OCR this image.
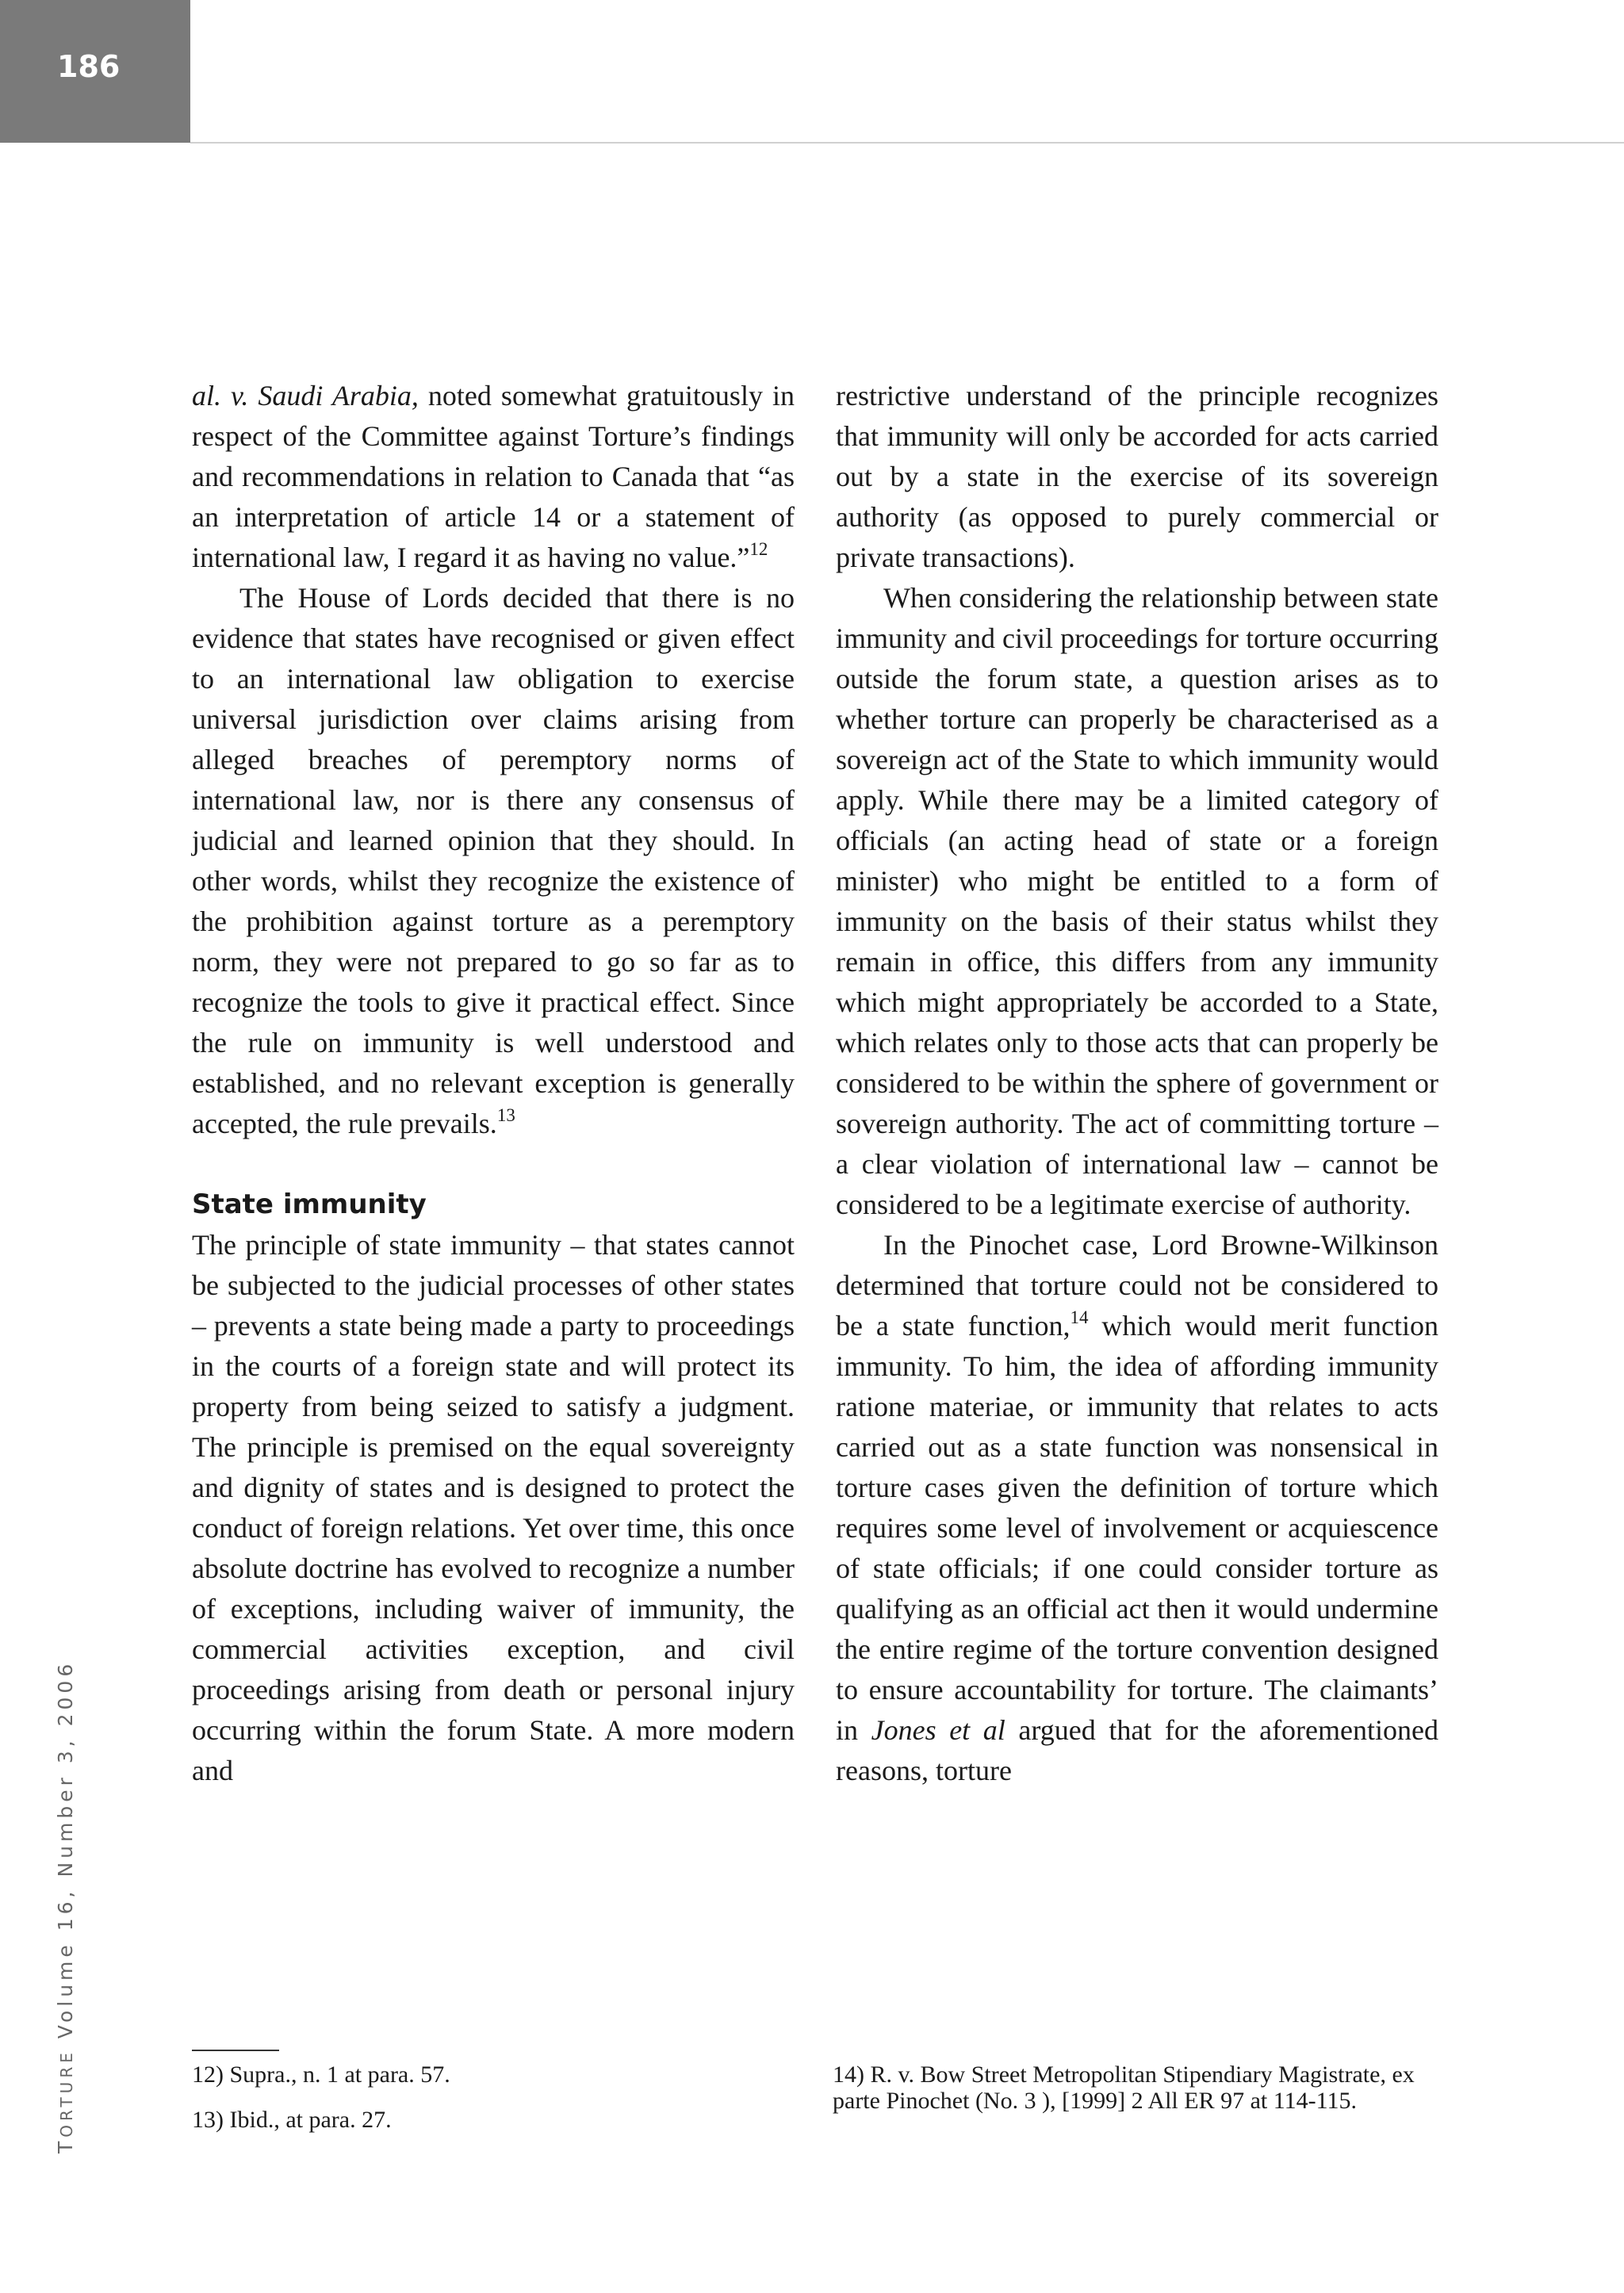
186
TORTURE Volume 16, Number 3, 2006

al. v. Saudi Arabia, noted somewhat gratuitously in respect of the Committee against Torture’s findings and recommendations in relation to Canada that “as an interpretation of article 14 or a statement of international law, I regard it as having no value.”$^{12}$

The House of Lords decided that there is no evidence that states have recognised or given effect to an international law obligation to exercise universal jurisdiction over claims arising from alleged breaches of peremptory norms of international law, nor is there any consensus of judicial and learned opinion that they should. In other words, whilst they recognize the existence of the prohibition against torture as a peremptory norm, they were not prepared to go so far as to recognize the tools to give it practical effect. Since the rule on immunity is well understood and established, and no relevant exception is generally accepted, the rule prevails.$^{13}$

State immunity

The principle of state immunity – that states cannot be subjected to the judicial processes of other states – prevents a state being made a party to proceedings in the courts of a foreign state and will protect its property from being seized to satisfy a judgment. The principle is premised on the equal sovereignty and dignity of states and is designed to protect the conduct of foreign relations. Yet over time, this once absolute doctrine has evolved to recognize a number of exceptions, including waiver of immunity, the commercial activities exception, and civil proceedings arising from death or personal injury occurring within the forum State. A more modern and

restrictive understand of the principle recognizes that immunity will only be accorded for acts carried out by a state in the exercise of its sovereign authority (as opposed to purely commercial or private transactions).

When considering the relationship between state immunity and civil proceedings for torture occurring outside the forum state, a question arises as to whether torture can properly be characterised as a sovereign act of the State to which immunity would apply. While there may be a limited category of officials (an acting head of state or a foreign minister) who might be entitled to a form of immunity on the basis of their status whilst they remain in office, this differs from any immunity which might appropriately be accorded to a State, which relates only to those acts that can properly be considered to be within the sphere of government or sovereign authority. The act of committing torture – a clear violation of international law – cannot be considered to be a legitimate exercise of authority.

In the Pinochet case, Lord Browne-Wilkinson determined that torture could not be considered to be a state function,$^{14}$ which would merit function immunity. To him, the idea of affording immunity ratione materiae, or immunity that relates to acts carried out as a state function was nonsensical in torture cases given the definition of torture which requires some level of involvement or acquiescence of state officials; if one could consider torture as qualifying as an official act then it would undermine the entire regime of the torture convention designed to ensure accountability for torture. The claimants’ in Jones et al argued that for the aforementioned reasons, torture

12) Supra., n. 1 at para. 57.

13) Ibid., at para. 27.

14) R. v. Bow Street Metropolitan Stipendiary Magistrate, ex parte Pinochet (No. 3 ), [1999] 2 All ER 97 at 114-115.
